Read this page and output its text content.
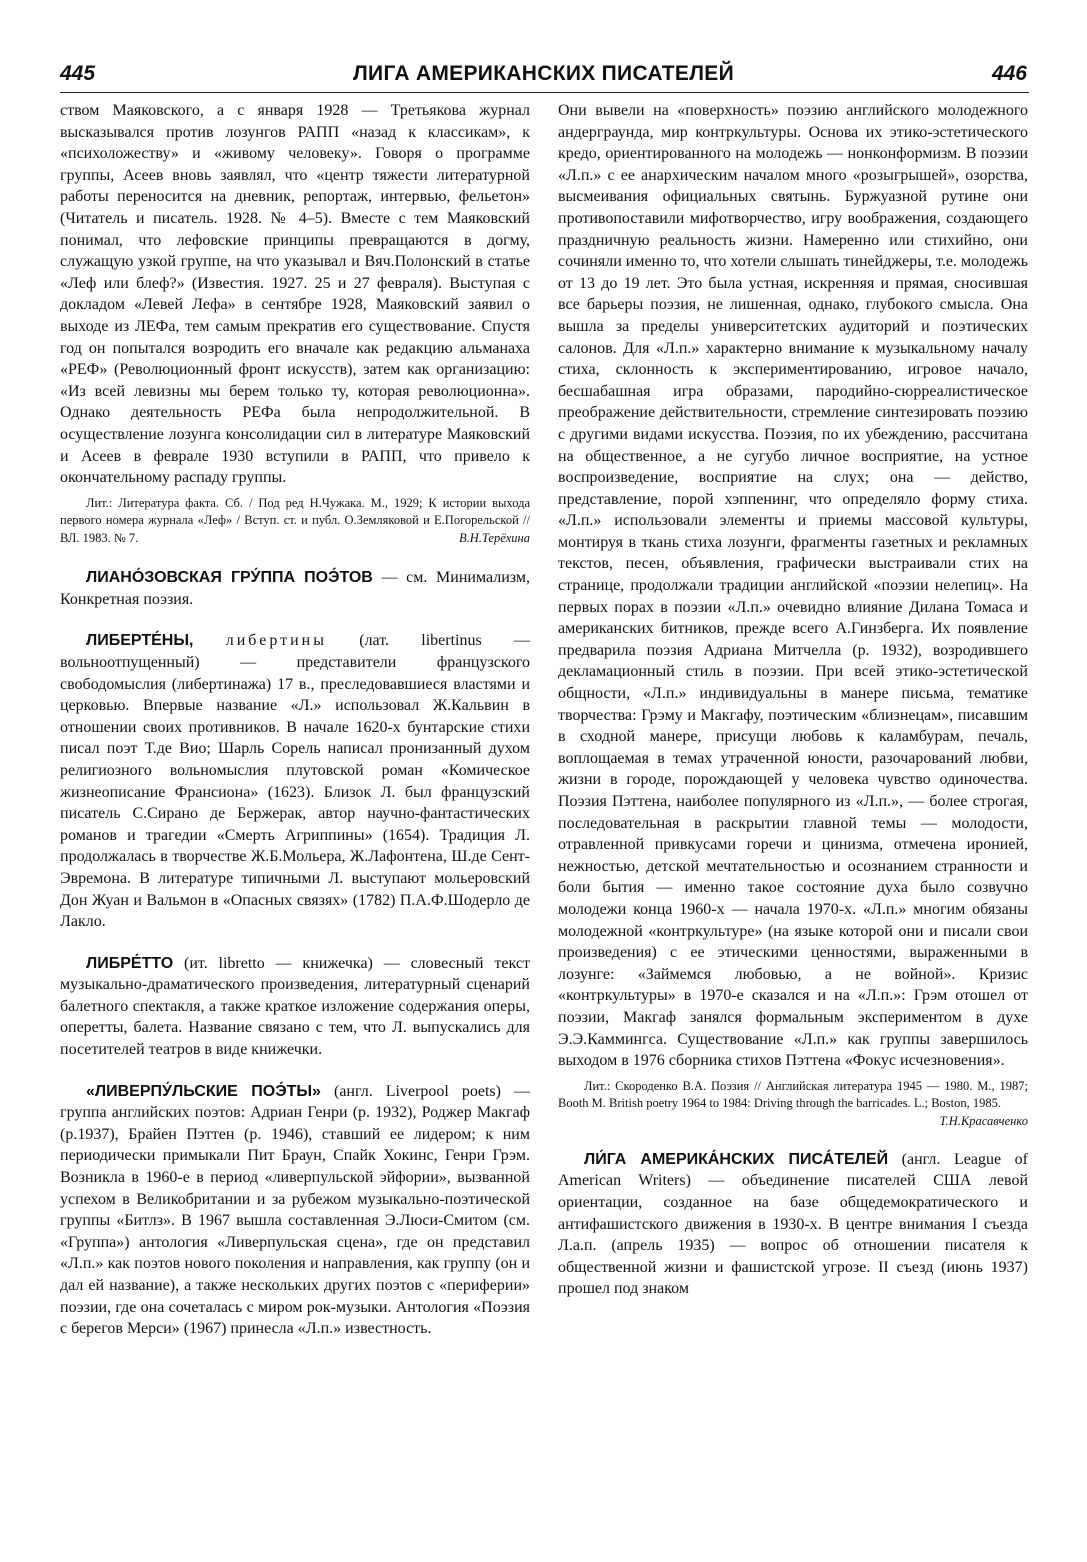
445	ЛИГА АМЕРИКАНСКИХ ПИСАТЕЛЕЙ	446

ством Маяковского, а с января 1928 — Третьякова журнал высказывался против лозунгов РАПП «назад к классикам», к «психоложеству» и «живому человеку». Говоря о программе группы, Асеев вновь заявлял, что «центр тяжести литературной работы переносится на дневник, репортаж, интервью, фельетон» (Читатель и писатель. 1928. № 4–5). Вместе с тем Маяковский понимал, что лефовские принципы превращаются в догму, служащую узкой группе, на что указывал и Вяч.Полонский в статье «Леф или блеф?» (Известия. 1927. 25 и 27 февраля). Выступая с докладом «Левей Лефа» в сентябре 1928, Маяковский заявил о выходе из ЛЕФа, тем самым прекратив его существование. Спустя год он попытался возродить его вначале как редакцию альманаха «РЕФ» (Революционный фронт искусств), затем как организацию: «Из всей левизны мы берем только ту, которая революционна». Однако деятельность РЕФа была непродолжительной. В осуществление лозунга консолидации сил в литературе Маяковский и Асеев в феврале 1930 вступили в РАПП, что привело к окончательному распаду группы.

Лит.: Литература факта. Сб. / Под ред Н.Чужака. М., 1929; К истории выхода первого номера журнала «Леф» / Вступ. ст. и публ. О.Земляковой и Е.Погорельской // ВЛ. 1983. № 7.	В.Н.Терёхина

ЛИАНО́ЗОВСКАЯ ГРУ́ППА ПОЭ́ТОВ — см. Минимализм, Конкретная поэзия.

ЛИБЕРТЕ́НЫ, либертины (лат. libertinus — вольноотпущенный) — представители французского свободомыслия (либертинажа) 17 в., преследовавшиеся властями и церковью. Впервые название «Л.» использовал Ж.Кальвин в отношении своих противников. В начале 1620-х бунтарские стихи писал поэт Т.де Вио; Шарль Сорель написал пронизанный духом религиозного вольномыслия плутовской роман «Комическое жизнеописание Франсиона» (1623). Близок Л. был французский писатель С.Сирано де Бержерак, автор научно-фантастических романов и трагедии «Смерть Агриппины» (1654). Традиция Л. продолжалась в творчестве Ж.Б.Мольера, Ж.Лафонтена, Ш.де Сент-Эвремона. В литературе типичными Л. выступают мольеровский Дон Жуан и Вальмон в «Опасных связях» (1782) П.А.Ф.Шодерло де Лакло.

ЛИБРЕ́ТТО (ит. libretto — книжечка) — словесный текст музыкально-драматического произведения, литературный сценарий балетного спектакля, а также краткое изложение содержания оперы, оперетты, балета. Название связано с тем, что Л. выпускались для посетителей театров в виде книжечки.

«ЛИВЕРПУ́ЛЬСКИЕ ПОЭ́ТЫ» (англ. Liverpool poets) — группа английских поэтов: Адриан Генри (р. 1932), Роджер Макгаф (р.1937), Брайен Пэттен (р. 1946), ставший ее лидером; к ним периодически примыкали Пит Браун, Спайк Хокинс, Генри Грэм. Возникла в 1960-е в период «ливерпульской эйфории», вызванной успехом в Великобритании и за рубежом музыкально-поэтической группы «Битлз». В 1967 вышла составленная Э.Люси-Смитом (см. «Группа») антология «Ливерпульская сцена», где он представил «Л.п.» как поэтов нового поколения и направления, как группу (он и дал ей название), а также нескольких других поэтов с «периферии» поэзии, где она сочеталась с миром рок-музыки. Антология «Поэзия с берегов Мерси» (1967) принесла «Л.п.» известность.

Они вывели на «поверхность» поэзию английского молодежного андерграунда, мир контркультуры. Основа их этико-эстетического кредо, ориентированного на молодежь — нонконформизм. В поэзии «Л.п.» с ее анархическим началом много «розыгрышей», озорства, высмеивания официальных святынь. Буржуазной рутине они противопоставили мифотворчество, игру воображения, создающего праздничную реальность жизни. Намеренно или стихийно, они сочиняли именно то, что хотели слышать тинейджеры, т.е. молодежь от 13 до 19 лет. Это была устная, искренняя и прямая, сносившая все барьеры поэзия, не лишенная, однако, глубокого смысла. Она вышла за пределы университетских аудиторий и поэтических салонов. Для «Л.п.» характерно внимание к музыкальному началу стиха, склонность к экспериментированию, игровое начало, бесшабашная игра образами, пародийно-сюрреалистическое преображение действительности, стремление синтезировать поэзию с другими видами искусства. Поэзия, по их убеждению, рассчитана на общественное, а не сугубо личное восприятие, на устное воспроизведение, восприятие на слух; она — действо, представление, порой хэппенинг, что определяло форму стиха. «Л.п.» использовали элементы и приемы массовой культуры, монтируя в ткань стиха лозунги, фрагменты газетных и рекламных текстов, песен, объявления, графически выстраивали стих на странице, продолжали традиции английской «поэзии нелепиц». На первых порах в поэзии «Л.п.» очевидно влияние Дилана Томаса и американских битников, прежде всего А.Гинзберга. Их появление предварила поэзия Адриана Митчелла (р. 1932), возродившего декламационный стиль в поэзии. При всей этико-эстетической общности, «Л.п.» индивидуальны в манере письма, тематике творчества: Грэму и Макгафу, поэтическим «близнецам», писавшим в сходной манере, присущи любовь к каламбурам, печаль, воплощаемая в темах утраченной юности, разочарований любви, жизни в городе, порождающей у человека чувство одиночества. Поэзия Пэттена, наиболее популярного из «Л.п.», — более строгая, последовательная в раскрытии главной темы — молодости, отравленной привкусами горечи и цинизма, отмечена иронией, нежностью, детской мечтательностью и осознанием странности и боли бытия — именно такое состояние духа было созвучно молодежи конца 1960-х — начала 1970-х. «Л.п.» многим обязаны молодежной «контркультуре» (на языке которой они и писали свои произведения) с ее этическими ценностями, выраженными в лозунге: «Займемся любовью, а не войной». Кризис «контркультуры» в 1970-е сказался и на «Л.п.»: Грэм отошел от поэзии, Макгаф занялся формальным экспериментом в духе Э.Э.Каммингса. Существование «Л.п.» как группы завершилось выходом в 1976 сборника стихов Пэттена «Фокус исчезновения».

Лит.: Скороденко В.А. Поэзия // Английская литература 1945 — 1980. М., 1987; Booth M. British poetry 1964 to 1984: Driving through the barricades. L.; Boston, 1985.
Т.Н.Красавченко

ЛИ́ГА АМЕРИКА́НСКИХ ПИСА́ТЕЛЕЙ (англ. League of American Writers) — объединение писателей США левой ориентации, созданное на базе общедемократического и антифашистского движения в 1930-х. В центре внимания I съезда Л.а.п. (апрель 1935) — вопрос об отношении писателя к общественной жизни и фашистской угрозе. II съезд (июнь 1937) прошел под знаком
